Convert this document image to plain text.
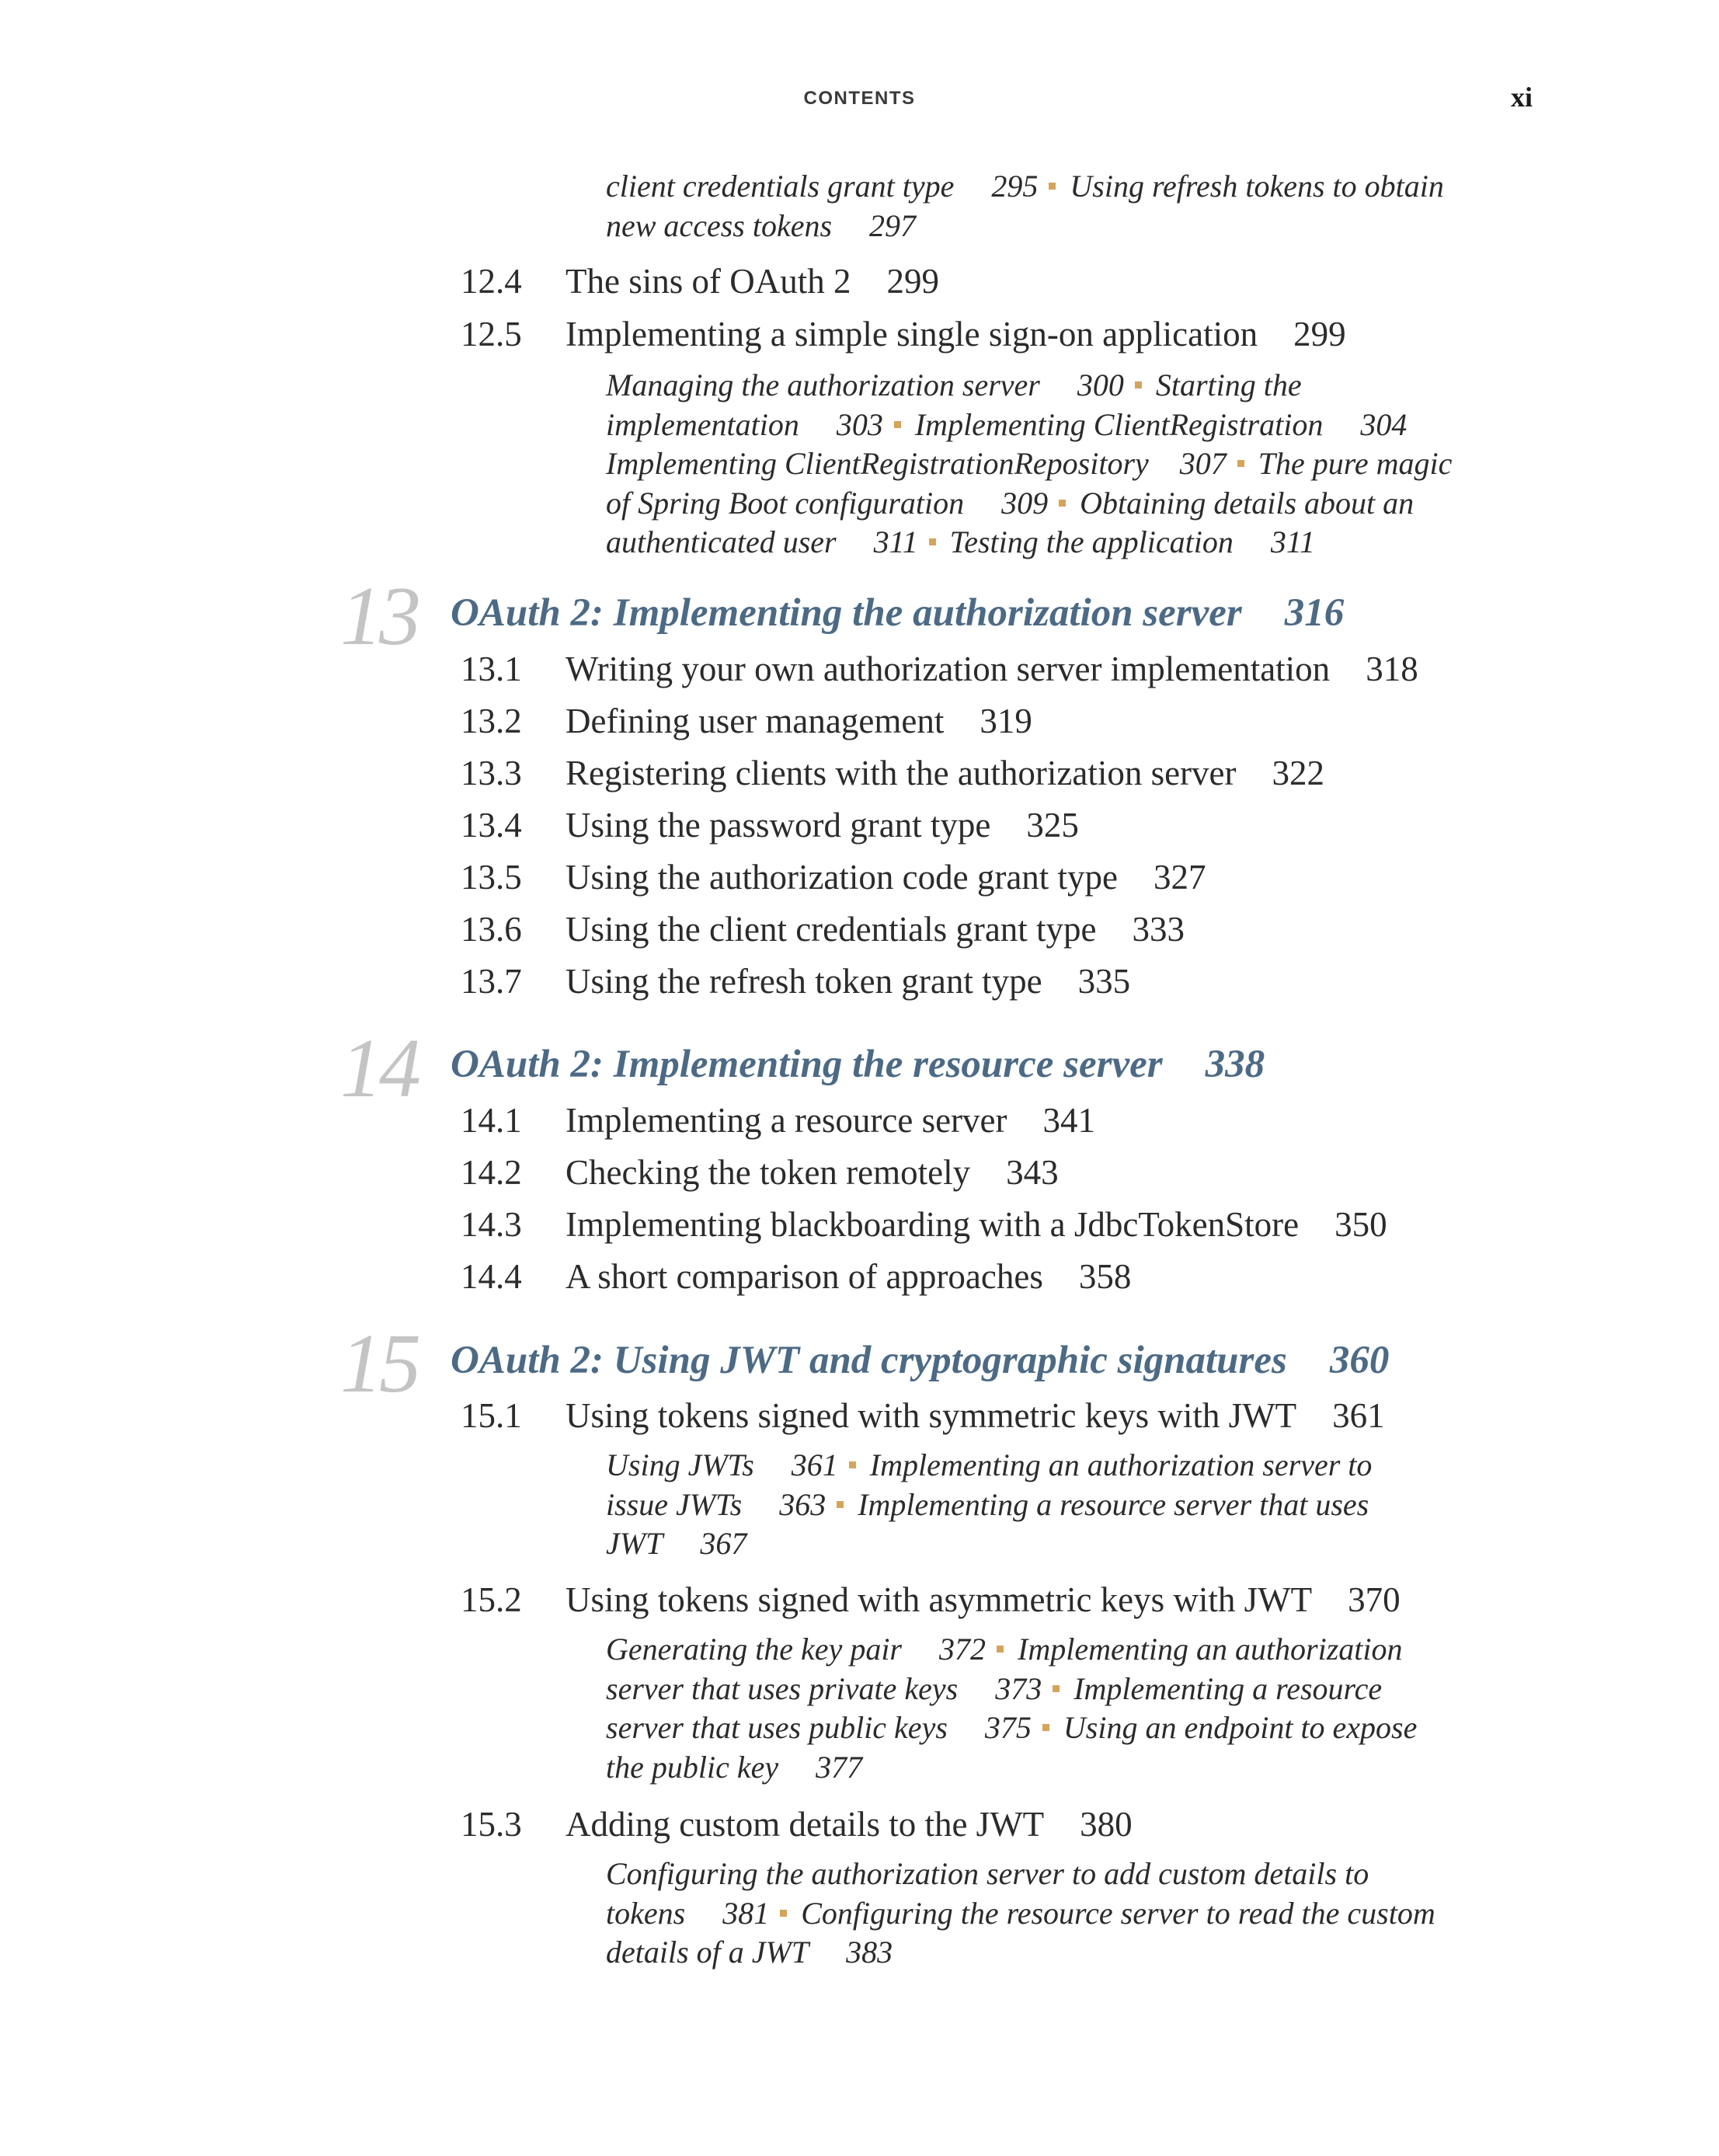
CONTENTS	xi
client credentials grant type 295 Using refresh tokens to obtain
new access tokens 297
12.4 The sins of OAuth 2 299
12.5 Implementing a simple single sign-on application 299
Managing the authorization server 300 Starting the
implementation 303 Implementing ClientRegistration 304
Implementing ClientRegistrationRepository 307 The pure magic
of Spring Boot configuration 309 Obtaining details about an
authenticated user 311 Testing the application 311
13 OAuth 2: Implementing the authorization server 316
13.1 Writing your own authorization server implementation 318
13.2 Defining user management 319
13.3 Registering clients with the authorization server 322
13.4 Using the password grant type 325
13.5 Using the authorization code grant type 327
13.6 Using the client credentials grant type 333
13.7 Using the refresh token grant type 335
14 OAuth 2: Implementing the resource server 338
14.1 Implementing a resource server 341
14.2 Checking the token remotely 343
14.3 Implementing blackboarding with a JdbcTokenStore 350
14.4 A short comparison of approaches 358
15 OAuth 2: Using JWT and cryptographic signatures 360
15.1 Using tokens signed with symmetric keys with JWT 361
Using JWTs 361 Implementing an authorization server to
issue JWTs 363 Implementing a resource server that uses
JWT 367
15.2 Using tokens signed with asymmetric keys with JWT 370
Generating the key pair 372 Implementing an authorization
server that uses private keys 373 Implementing a resource
server that uses public keys 375 Using an endpoint to expose
the public key 377
15.3 Adding custom details to the JWT 380
Configuring the authorization server to add custom details to
tokens 381 Configuring the resource server to read the custom
details of a JWT 383
